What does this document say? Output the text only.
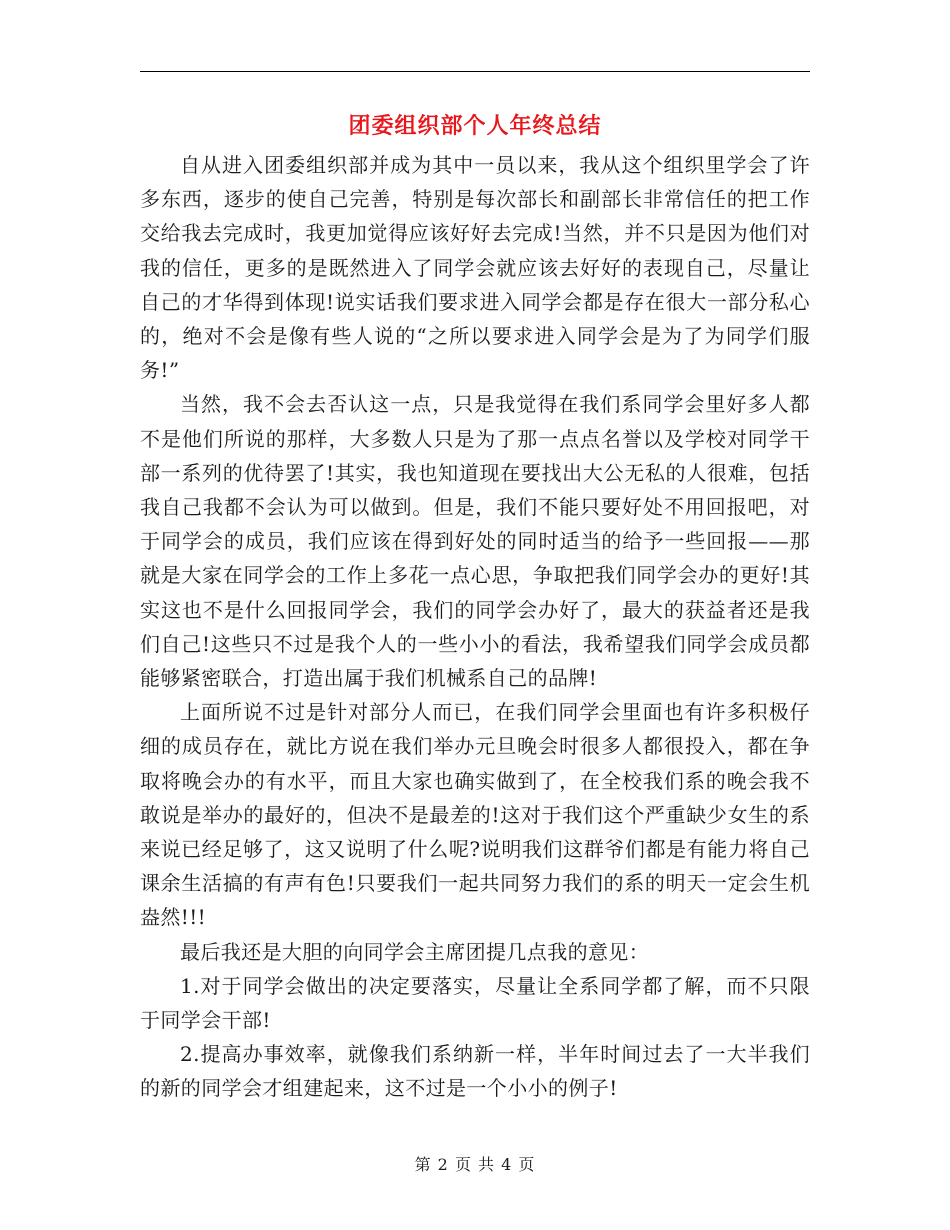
团委组织部个人年终总结

自从进入团委组织部并成为其中一员以来，我从这个组织里学会了许多东西，逐步的使自己完善，特别是每次部长和副部长非常信任的把工作交给我去完成时，我更加觉得应该好好去完成!当然，并不只是因为他们对我的信任，更多的是既然进入了同学会就应该去好好的表现自己，尽量让自己的才华得到体现!说实话我们要求进入同学会都是存在很大一部分私心的，绝对不会是像有些人说的“之所以要求进入同学会是为了为同学们服务!”

当然，我不会去否认这一点，只是我觉得在我们系同学会里好多人都不是他们所说的那样，大多数人只是为了那一点点名誉以及学校对同学干部一系列的优待罢了!其实，我也知道现在要找出大公无私的人很难，包括我自己我都不会认为可以做到。但是，我们不能只要好处不用回报吧，对于同学会的成员，我们应该在得到好处的同时适当的给予一些回报——那就是大家在同学会的工作上多花一点心思，争取把我们同学会办的更好!其实这也不是什么回报同学会，我们的同学会办好了，最大的获益者还是我们自己!这些只不过是我个人的一些小小的看法，我希望我们同学会成员都能够紧密联合，打造出属于我们机械系自己的品牌!

上面所说不过是针对部分人而已，在我们同学会里面也有许多积极仔细的成员存在，就比方说在我们举办元旦晚会时很多人都很投入，都在争取将晚会办的有水平，而且大家也确实做到了，在全校我们系的晚会我不敢说是举办的最好的，但决不是最差的!这对于我们这个严重缺少女生的系来说已经足够了，这又说明了什么呢?说明我们这群爷们都是有能力将自己课余生活搞的有声有色!只要我们一起共同努力我们的系的明天一定会生机盎然!!!

最后我还是大胆的向同学会主席团提几点我的意见：

1.对于同学会做出的决定要落实，尽量让全系同学都了解，而不只限于同学会干部!

2.提高办事效率，就像我们系纳新一样，半年时间过去了一大半我们的新的同学会才组建起来，这不过是一个小小的例子!

第 2 页 共 4 页
